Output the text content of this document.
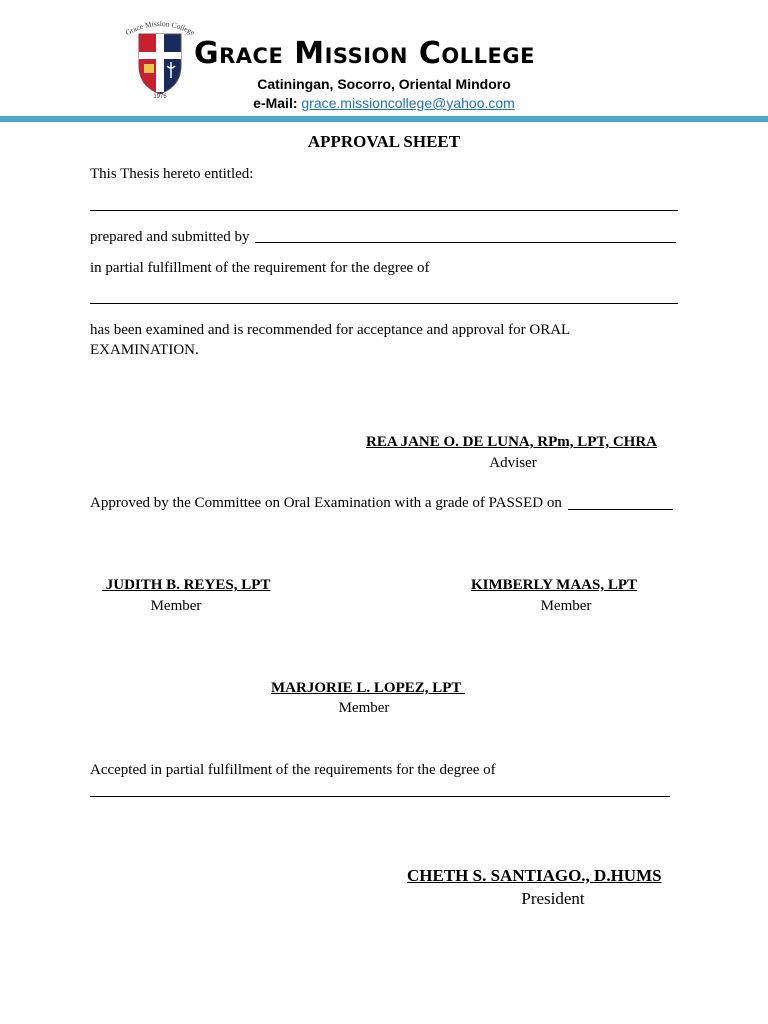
Grace Mission College
1976
Grace Mission College
Catiningan, Socorro, Oriental Mindoro
e-Mail: grace.missioncollege@yahoo.com
APPROVAL SHEET
This Thesis hereto entitled:
prepared and submitted by
in partial fulfillment of the requirement for the degree of
has been examined and is recommended for acceptance and approval for ORAL EXAMINATION.
REA JANE O. DE LUNA, RPm, LPT, CHRA
Adviser
Approved by the Committee on Oral Examination with a grade of PASSED on
JUDITH B. REYES, LPT
Member
KIMBERLY MAAS, LPT
Member
MARJORIE L. LOPEZ, LPT
Member
Accepted in partial fulfillment of the requirements for the degree of
CHETH S. SANTIAGO., D.HUMS
President
